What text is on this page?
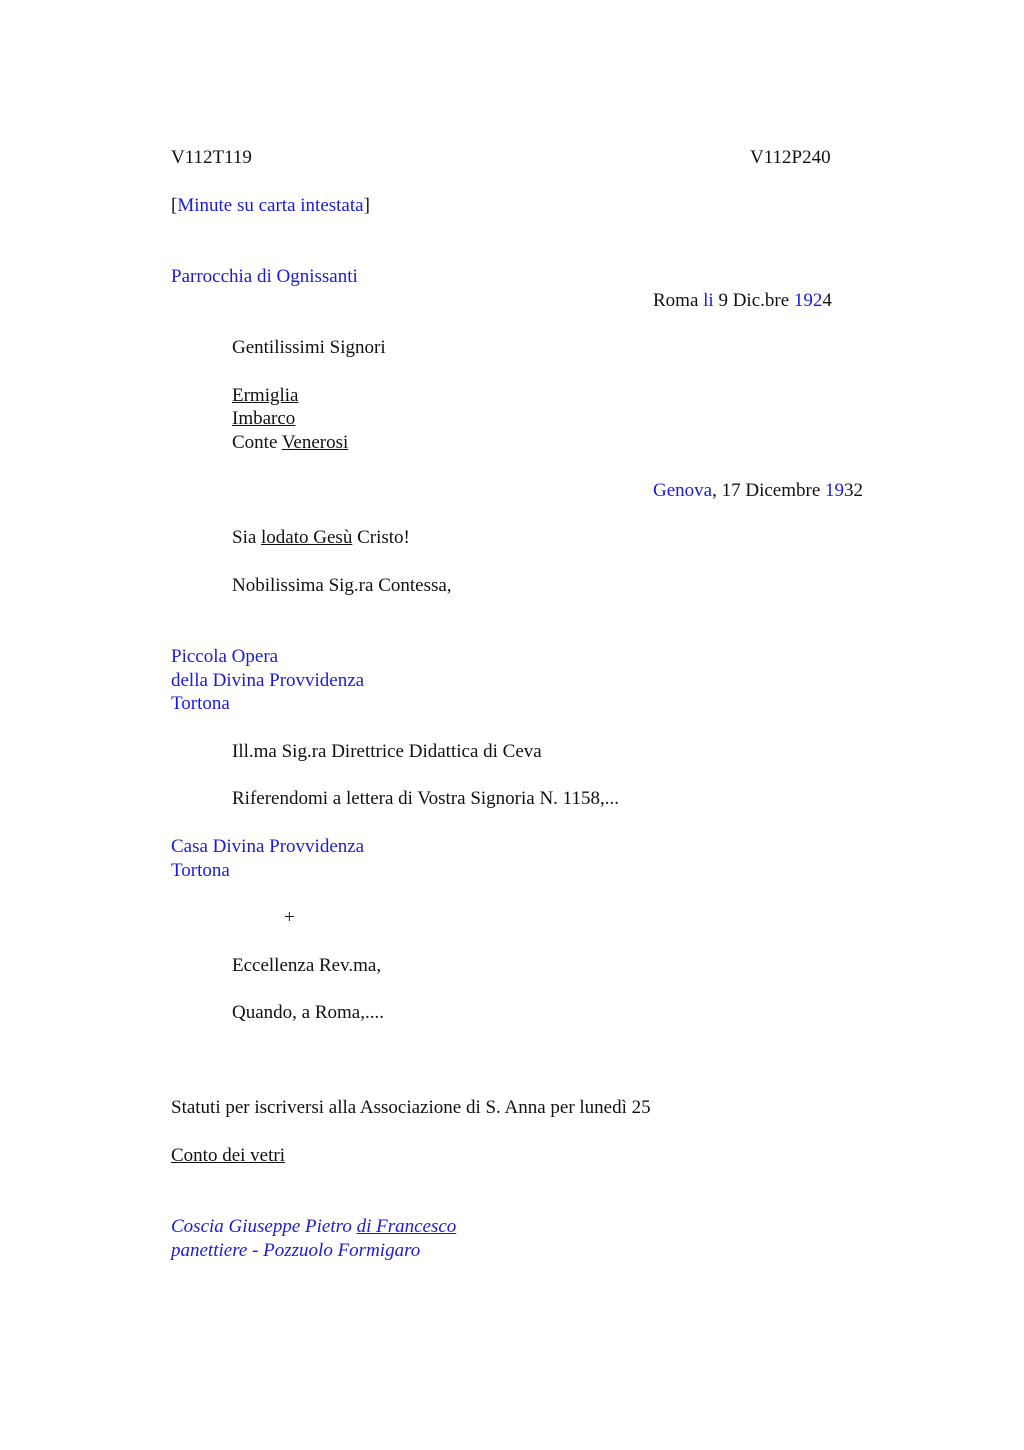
V112T119	V112P240
[Minute su carta intestata]
Parrocchia di Ognissanti
Roma li 9 Dic.bre 1924
Gentilissimi Signori
Ermiglia
Imbarco
Conte Venerosi
Genova, 17 Dicembre 1932
Sia lodato Gesù Cristo!
Nobilissima Sig.ra Contessa,
Piccola Opera
della Divina Provvidenza
Tortona
Ill.ma Sig.ra Direttrice Didattica di Ceva
Riferendomi a lettera di Vostra Signoria N. 1158,...
Casa Divina Provvidenza
Tortona
+
Eccellenza Rev.ma,
Quando, a Roma,....
Statuti per iscriversi alla Associazione di S. Anna per lunedì 25
Conto dei vetri
Coscia Giuseppe Pietro di Francesco
panettiere - Pozzuolo Formigaro
